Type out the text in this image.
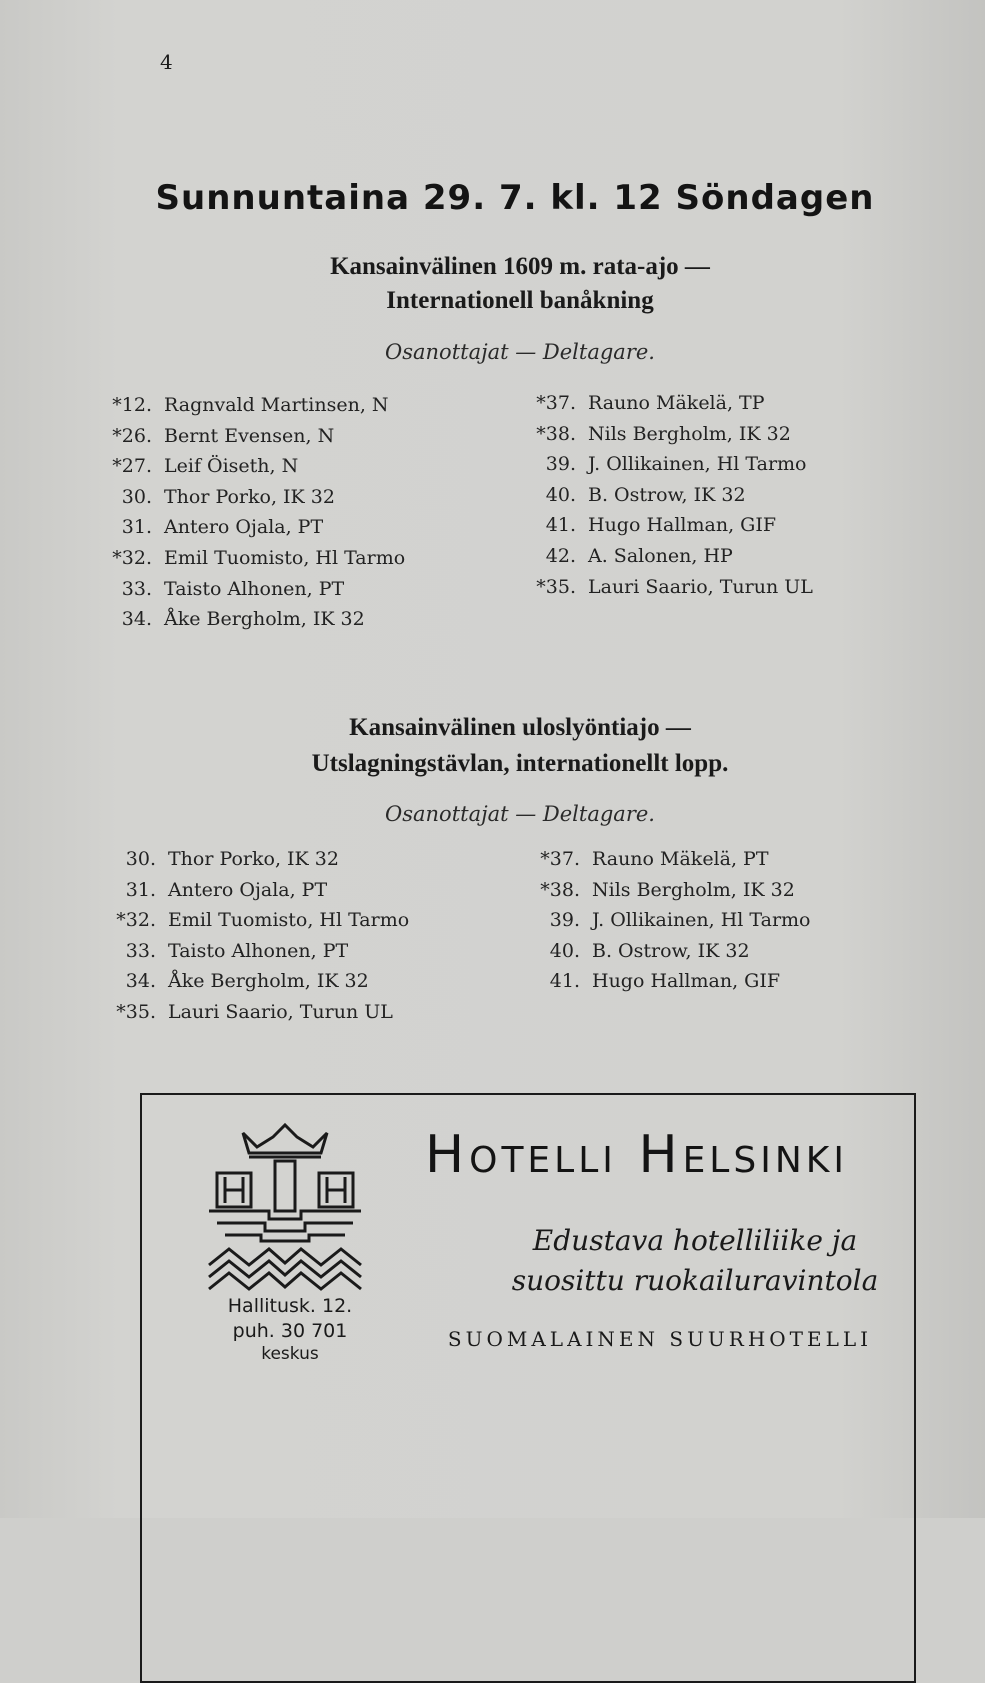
4
Sunnuntaina 29. 7. kl. 12 Söndagen
Kansainvälinen 1609 m. rata-ajo —
Internationell banåkning
Osanottajat — Deltagare.
*12. Ragnvald Martinsen, N
*26. Bernt Evensen, N
*27. Leif Öiseth, N
30. Thor Porko, IK 32
31. Antero Ojala, PT
*32. Emil Tuomisto, Hl Tarmo
33. Taisto Alhonen, PT
34. Åke Bergholm, IK 32
*37. Rauno Mäkelä, TP
*38. Nils Bergholm, IK 32
39. J. Ollikainen, Hl Tarmo
40. B. Ostrow, IK 32
41. Hugo Hallman, GIF
42. A. Salonen, HP
*35. Lauri Saario, Turun UL
Kansainvälinen uloslyöntiajo —
Utslagningstävlan, internationellt lopp.
Osanottajat — Deltagare.
30. Thor Porko, IK 32
31. Antero Ojala, PT
*32. Emil Tuomisto, Hl Tarmo
33. Taisto Alhonen, PT
34. Åke Bergholm, IK 32
*35. Lauri Saario, Turun UL
*37. Rauno Mäkelä, PT
*38. Nils Bergholm, IK 32
39. J. Ollikainen, Hl Tarmo
40. B. Ostrow, IK 32
41. Hugo Hallman, GIF
Hallitusk. 12.
puh. 30 701
keskus
HOTELLI HELSINKI
Edustava hotelliliike ja
suosittu ruokailuravintola
SUOMALAINEN SUURHOTELLI
